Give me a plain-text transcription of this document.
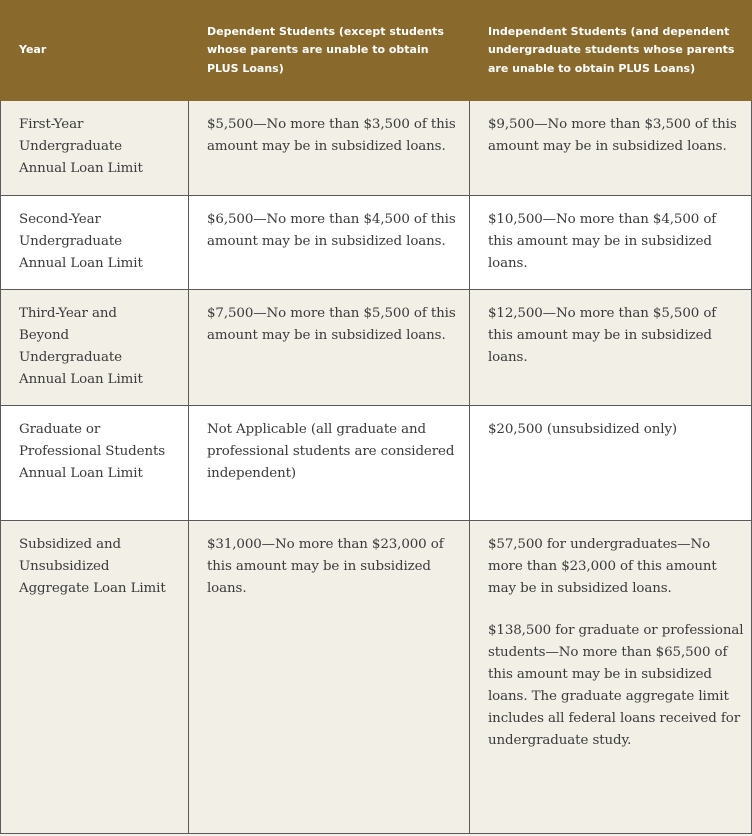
Year	Dependent Students (except students whose parents are unable to obtain PLUS Loans)	Independent Students (and dependent undergraduate students whose parents are unable to obtain PLUS Loans)
First-Year Undergraduate Annual Loan Limit	$5,500—No more than $3,500 of this amount may be in subsidized loans.	$9,500—No more than $3,500 of this amount may be in subsidized loans.
Second-Year Undergraduate Annual Loan Limit	$6,500—No more than $4,500 of this amount may be in subsidized loans.	$10,500—No more than $4,500 of this amount may be in subsidized loans.
Third-Year and Beyond Undergraduate Annual Loan Limit	$7,500—No more than $5,500 of this amount may be in subsidized loans.	$12,500—No more than $5,500 of this amount may be in subsidized loans.
Graduate or Professional Students Annual Loan Limit	Not Applicable (all graduate and professional students are considered independent)	$20,500 (unsubsidized only)
Subsidized and Unsubsidized Aggregate Loan Limit	$31,000—No more than $23,000 of this amount may be in subsidized loans.	$57,500 for undergraduates—No more than $23,000 of this amount may be in subsidized loans.

$138,500 for graduate or professional students—No more than $65,500 of this amount may be in subsidized loans. The graduate aggregate limit includes all federal loans received for undergraduate study.
